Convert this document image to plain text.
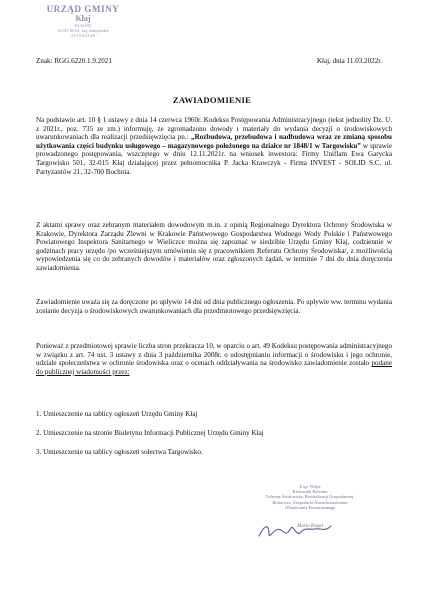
URZĄD GMINY
Kłaj
KŁAJ 655
32-015 KŁAJ, woj. małopolskie
351563348

Znak: RGG.6220.1.9.2021	Kłaj, dnia 11.03.2022r.

ZAWIADOMIENIE

Na podstawie art. 10 § 1 ustawy z dnia 14 czerwca 1960r. Kodeksu Postępowania Administracyjnego (tekst jednolity Dz. U. z 2021r., poz. 735 ze zm.) informuję, że zgromadzono dowody i materiały do wydania decyzji o środowiskowych uwarunkowaniach dla realizacji przedsięwzięcia pn.: „Rozbudowa, przebudowa i nadbudowa wraz ze zmianą sposobu użytkowania części budynku usługowego – magazynowego położonego na działce nr 1848/1 w Targowisku” w sprawie prowadzonego postępowania, wszczętego w dniu 12.11.2021r. na wniosek inwestora: Firmy Uniflam Ewa Garycka Targowisko 501, 32-015 Kłaj działającej przez pełnomocnika P. Jacka Krawczyk - Firma INVEST - SOLID S.C. ul. Partyzantów 21, 32-700 Bochnia.

Z aktami sprawy oraz zebranym materiałem dowodowym m.in. z opinią Regionalnego Dyrektora Ochrony Środowiska w Krakowie, Dyrektora Zarządu Zlewni w Krakowie Państwowego Gospodarstwa Wodnego Wody Polskie i Państwowego Powiatowego Inspektora Sanitarnego w Wieliczce można się zapoznać w siedzibie Urzędu Gminy Kłaj, codziennie w godzinach pracy urzędu /po wcześniejszym umówieniu się z pracownikiem Referatu Ochrony Środowiska/, z możliwością wypowiedzenia się co do zebranych dowodów i materiałów oraz zgłoszonych żądań, w terminie 7 dni do dnia doręczenia zawiadomienia.

Zawiadomienie uważa się za doręczone po upływie 14 dni od dnia publicznego ogłoszenia. Po upływie ww. terminu wydania zostanie decyzja o środowiskowych uwarunkowaniach dla przedmiotowego przedsięwzięcia.

Ponieważ z przedmiotowej sprawie liczba stron przekracza 10, w oparciu o art. 49 Kodeksu postępowania administracyjnego w związku z art. 74 ust. 3 ustawy z dnia 3 października 2008r. o udostępnianiu informacji o środowisku i jego ochronie, udziale społeczeństwa w ochronie środowiska oraz o ocenach oddziaływania na środowisko zawiadomienie zostało podane do publicznej wiadomości przez:

1. Umieszczenie na tablicy ogłoszeń Urzędu Gminy Kłaj

2. Umieszczenie na stronie Biuletynu Informacji Publicznej Urzędu Gminy Kłaj

3. Umieszczenie na tablicy ogłoszeń sołectwa Targowisko.

Z up. Wójta
Kierownik Referatu
Ochrony Środowiska, Rewitalizacji Gospodarczej,
Rolnictwa, Gospodarki Nieruchomościami
i Planowania Przestrzennego
Marta Rogal
